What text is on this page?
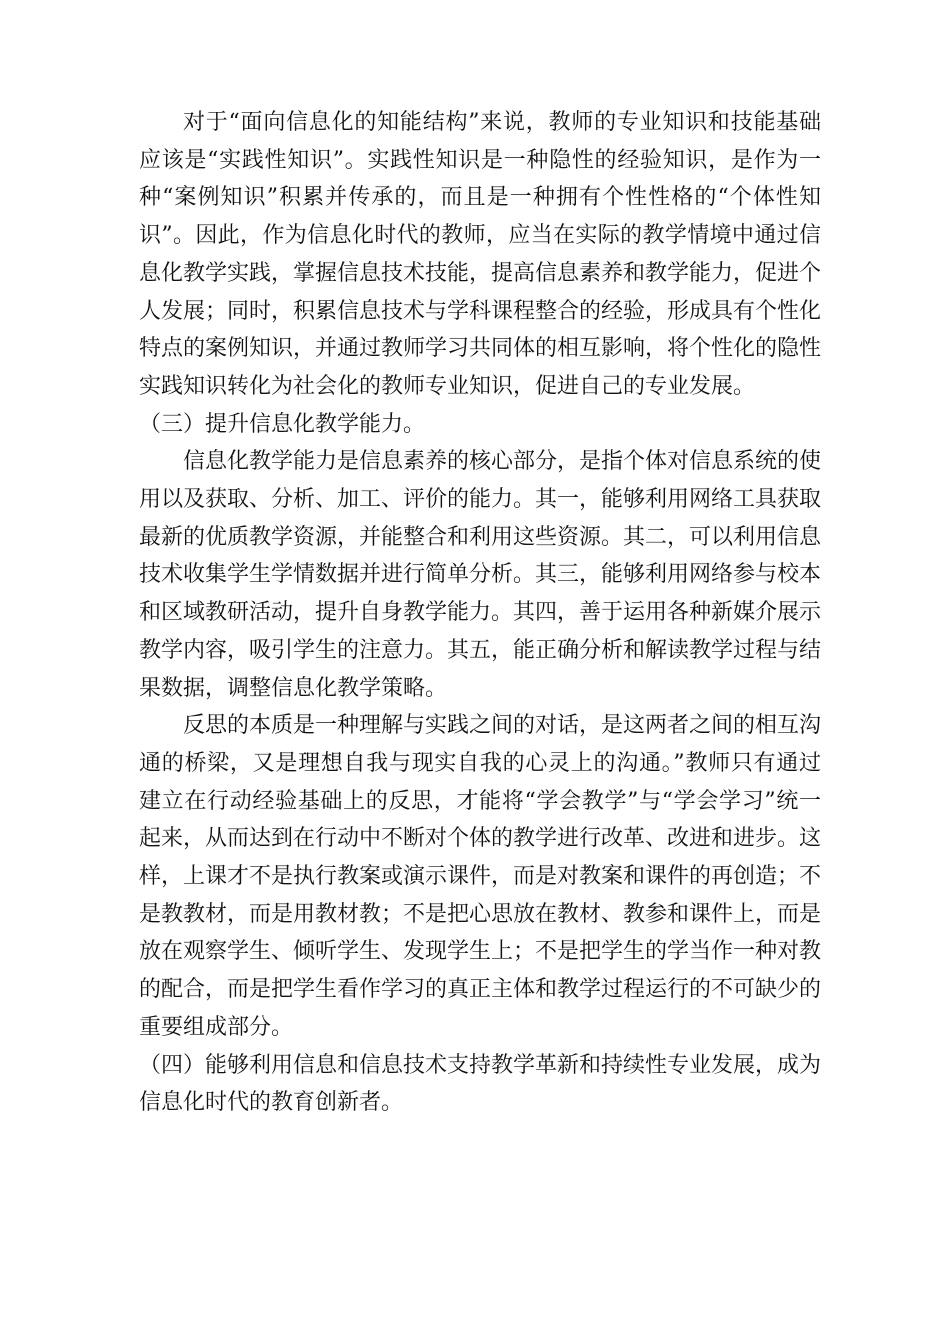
对于“面向信息化的知能结构”来说，教师的专业知识和技能基础应该是“实践性知识”。实践性知识是一种隐性的经验知识，是作为一种“案例知识”积累并传承的，而且是一种拥有个性性格的“个体性知识”。因此，作为信息化时代的教师，应当在实际的教学情境中通过信息化教学实践，掌握信息技术技能，提高信息素养和教学能力，促进个人发展；同时，积累信息技术与学科课程整合的经验，形成具有个性化特点的案例知识，并通过教师学习共同体的相互影响，将个性化的隐性实践知识转化为社会化的教师专业知识，促进自己的专业发展。

（三）提升信息化教学能力。

信息化教学能力是信息素养的核心部分，是指个体对信息系统的使用以及获取、分析、加工、评价的能力。其一，能够利用网络工具获取最新的优质教学资源，并能整合和利用这些资源。其二，可以利用信息技术收集学生学情数据并进行简单分析。其三，能够利用网络参与校本和区域教研活动，提升自身教学能力。其四，善于运用各种新媒介展示教学内容，吸引学生的注意力。其五，能正确分析和解读教学过程与结果数据，调整信息化教学策略。

反思的本质是一种理解与实践之间的对话，是这两者之间的相互沟通的桥梁，又是理想自我与现实自我的心灵上的沟通。”教师只有通过建立在行动经验基础上的反思，才能将“学会教学”与“学会学习”统一起来，从而达到在行动中不断对个体的教学进行改革、改进和进步。这样，上课才不是执行教案或演示课件，而是对教案和课件的再创造；不是教教材，而是用教材教；不是把心思放在教材、教参和课件上，而是放在观察学生、倾听学生、发现学生上；不是把学生的学当作一种对教的配合，而是把学生看作学习的真正主体和教学过程运行的不可缺少的重要组成部分。

（四）能够利用信息和信息技术支持教学革新和持续性专业发展，成为信息化时代的教育创新者。
